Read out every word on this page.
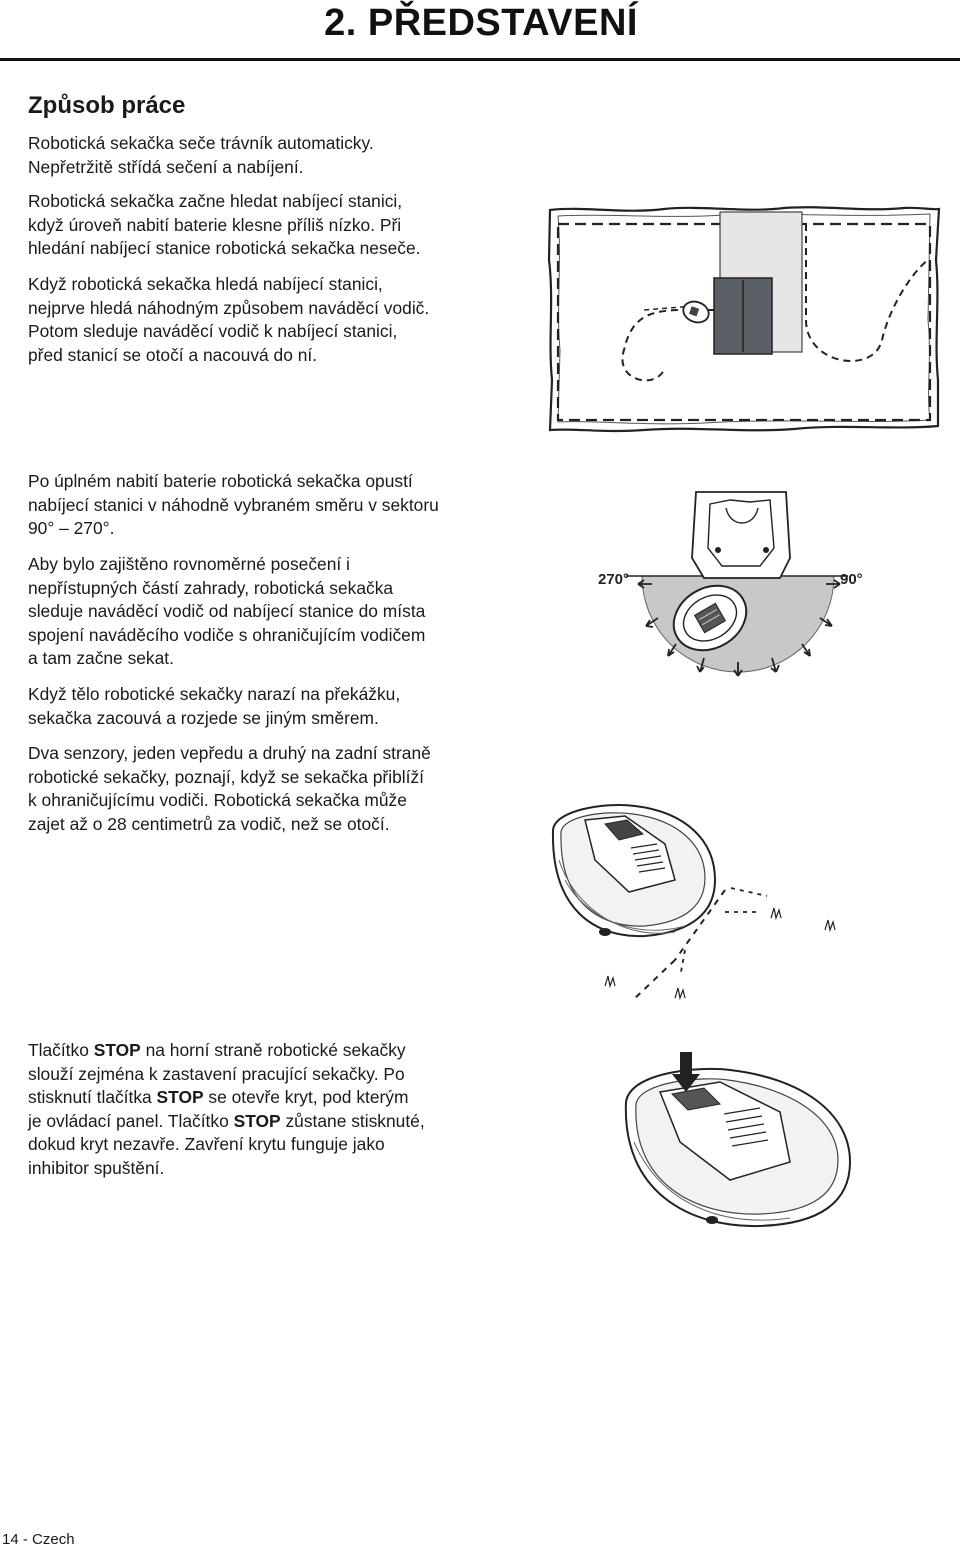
2. PŘEDSTAVENÍ
Způsob práce
Robotická sekačka seče trávník automaticky.
Nepřetržitě střídá sečení a nabíjení.
Robotická sekačka začne hledat nabíjecí stanici,
když úroveň nabití baterie klesne příliš nízko. Při
hledání nabíjecí stanice robotická sekačka neseče.
Když robotická sekačka hledá nabíjecí stanici,
nejprve hledá náhodným způsobem naváděcí vodič.
Potom sleduje naváděcí vodič k nabíjecí stanici,
před stanicí se otočí a nacouvá do ní.
Po úplném nabití baterie robotická sekačka opustí
nabíjecí stanici v náhodně vybraném směru v sektoru
90° – 270°.
Aby bylo zajištěno rovnoměrné posečení i
nepřístupných částí zahrady, robotická sekačka
sleduje naváděcí vodič od nabíjecí stanice do místa
spojení naváděcího vodiče s ohraničujícím vodičem
a tam začne sekat.
Když tělo robotické sekačky narazí na překážku,
sekačka zacouvá a rozjede se jiným směrem.
Dva senzory, jeden vepředu a druhý na zadní straně
robotické sekačky, poznají, když se sekačka přiblíží
k ohraničujícímu vodiči. Robotická sekačka může
zajet až o 28 centimetrů za vodič, než se otočí.
Tlačítko STOP na horní straně robotické sekačky
slouží zejména k zastavení pracující sekačky. Po
stisknutí tlačítka STOP se otevře kryt, pod kterým
je ovládací panel. Tlačítko STOP zůstane stisknuté,
dokud kryt nezavře. Zavření krytu funguje jako
inhibitor spuštění.
270°	90°
14 - Czech
